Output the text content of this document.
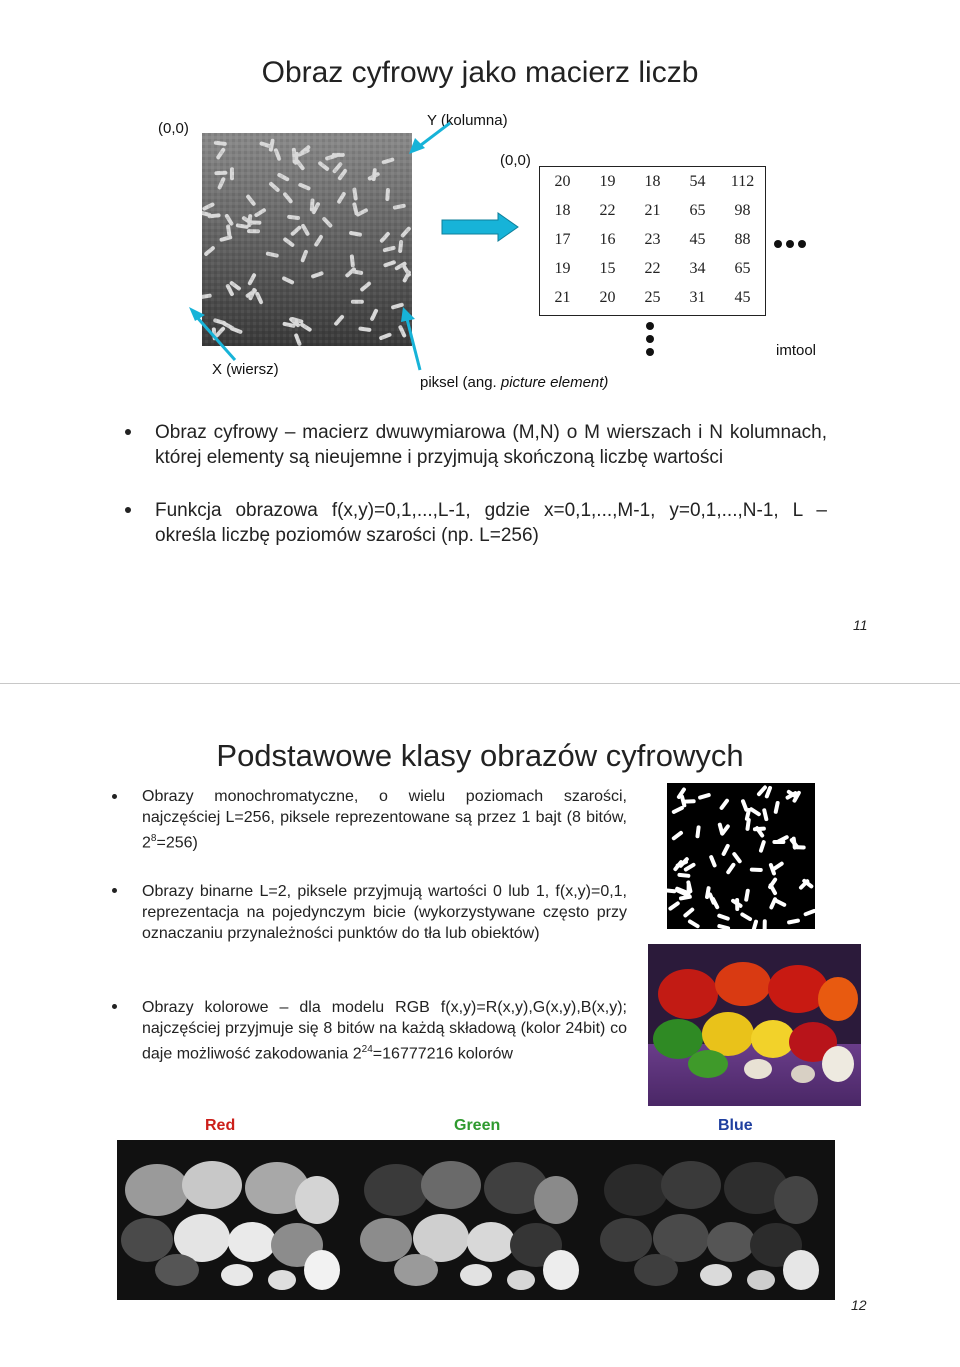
Obraz cyfrowy jako macierz liczb
(0,0)	Y (kolumna)
(0,0)
20	19	18	54	112
18	22	21	65	98
17	16	23	45	88
19	15	22	34	65
21	20	25	31	45
X (wiersz)
piksel (ang. picture element)
imtool
Obraz cyfrowy – macierz dwuwymiarowa (M,N) o M wierszach i N kolumnach, której elementy są nieujemne i przyjmują skończoną liczbę wartości
Funkcja obrazowa f(x,y)=0,1,...,L-1, gdzie x=0,1,...,M-1, y=0,1,...,N-1, L – określa liczbę poziomów szarości (np. L=256)
11
Podstawowe klasy obrazów cyfrowych
Obrazy monochromatyczne, o wielu poziomach szarości, najczęściej L=256, piksele reprezentowane są przez 1 bajt (8 bitów, $2^8=256$)
Obrazy binarne L=2, piksele przyjmują wartości 0 lub 1, f(x,y)=0,1, reprezentacja na pojedynczym bicie (wykorzystywane często przy oznaczaniu przynależności punktów do tła lub obiektów)
Obrazy kolorowe – dla modelu RGB f(x,y)=R(x,y),G(x,y),B(x,y); najczęściej przyjmuje się 8 bitów na każdą składową (kolor 24bit) co daje możliwość zakodowania $2^{24}=16777216$ kolorów
Red	Green	Blue
12
